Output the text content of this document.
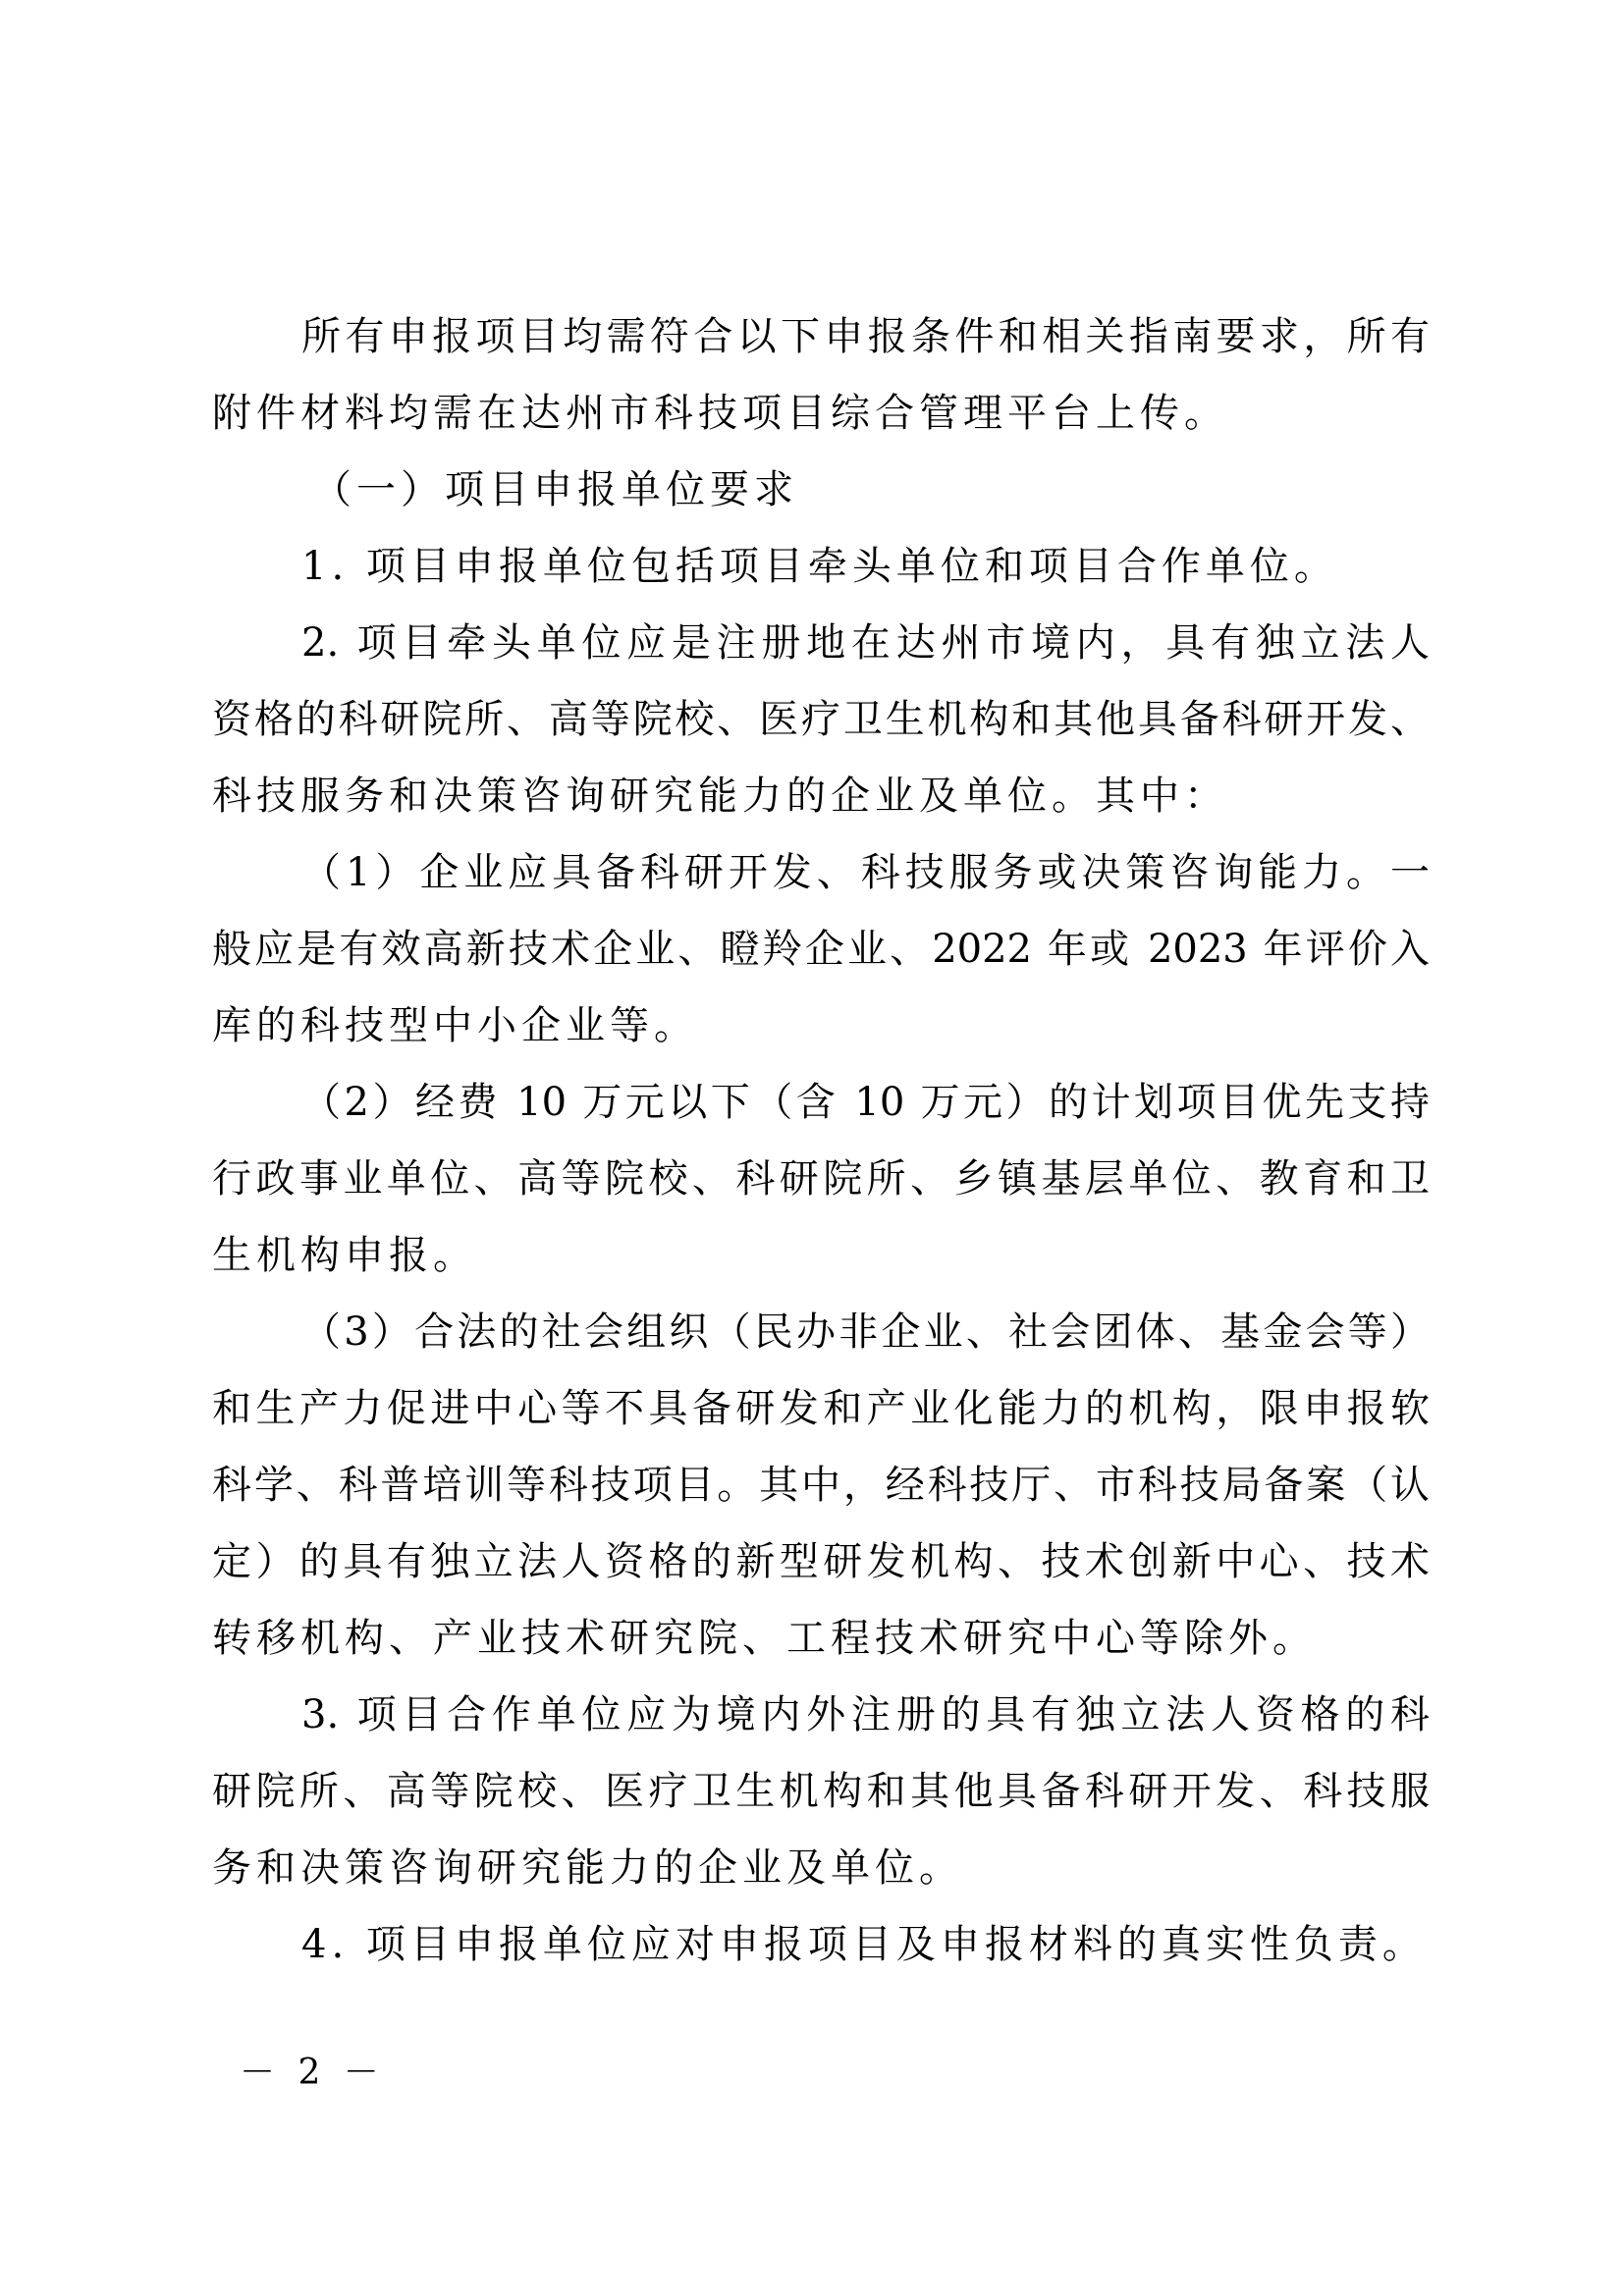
所有申报项目均需符合以下申报条件和相关指南要求，所有
附件材料均需在达州市科技项目综合管理平台上传。
（一）项目申报单位要求
1. 项目申报单位包括项目牵头单位和项目合作单位。
2. 项目牵头单位应是注册地在达州市境内，具有独立法人
资格的科研院所、高等院校、医疗卫生机构和其他具备科研开发、
科技服务和决策咨询研究能力的企业及单位。其中：
（1）企业应具备科研开发、科技服务或决策咨询能力。一
般应是有效高新技术企业、瞪羚企业、2022 年或 2023 年评价入
库的科技型中小企业等。
（2）经费 10 万元以下（含 10 万元）的计划项目优先支持
行政事业单位、高等院校、科研院所、乡镇基层单位、教育和卫
生机构申报。
（3）合法的社会组织（民办非企业、社会团体、基金会等）
和生产力促进中心等不具备研发和产业化能力的机构，限申报软
科学、科普培训等科技项目。其中，经科技厅、市科技局备案（认
定）的具有独立法人资格的新型研发机构、技术创新中心、技术
转移机构、产业技术研究院、工程技术研究中心等除外。
3. 项目合作单位应为境内外注册的具有独立法人资格的科
研院所、高等院校、医疗卫生机构和其他具备科研开发、科技服
务和决策咨询研究能力的企业及单位。
4. 项目申报单位应对申报项目及申报材料的真实性负责。
－ 2 －
